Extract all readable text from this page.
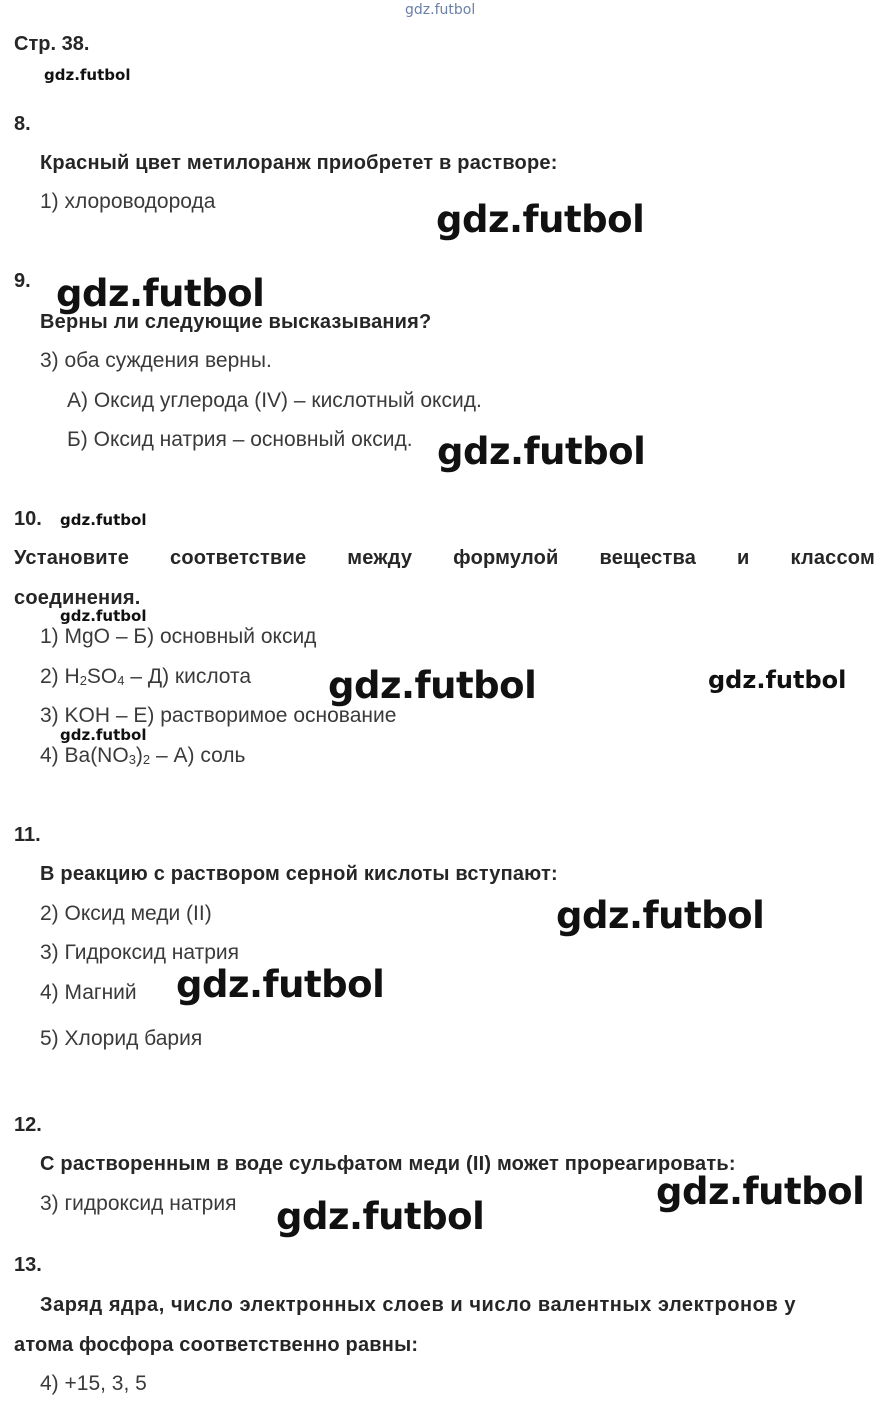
gdz.futbol
Стр. 38.
gdz.futbol
8.
Красный цвет метилоранж приобретет в растворе:
1) хлороводорода	gdz.futbol
9. gdz.futbol
Верны ли следующие высказывания?
3) оба суждения верны.
А) Оксид углерода (IV) – кислотный оксид.
Б) Оксид натрия – основный оксид. gdz.futbol
10. gdz.futbol
Установите соответствие между формулой вещества и классом
соединения.
gdz.futbol
1) MgO – Б) основный оксид
2) $H_2SO_4 - Д$) кислота gdz.futbol	gdz.futbol
3) KOH – Е) растворимое основание
gdz.futbol
4) $Ba(NO_3)_2 - А$) соль
11.
В реакцию с раствором серной кислоты вступают:
2) Оксид меди (II)	gdz.futbol
3) Гидроксид натрия
4) Магний gdz.futbol
5) Хлорид бария
12.
С растворенным в воде сульфатом меди (II) может прореагировать:
gdz.futbol
3) гидроксид натрия gdz.futbol
13.
Заряд ядра, число электронных слоев и число валентных электронов у
атома фосфора соответственно равны:
4) +15, 3, 5
